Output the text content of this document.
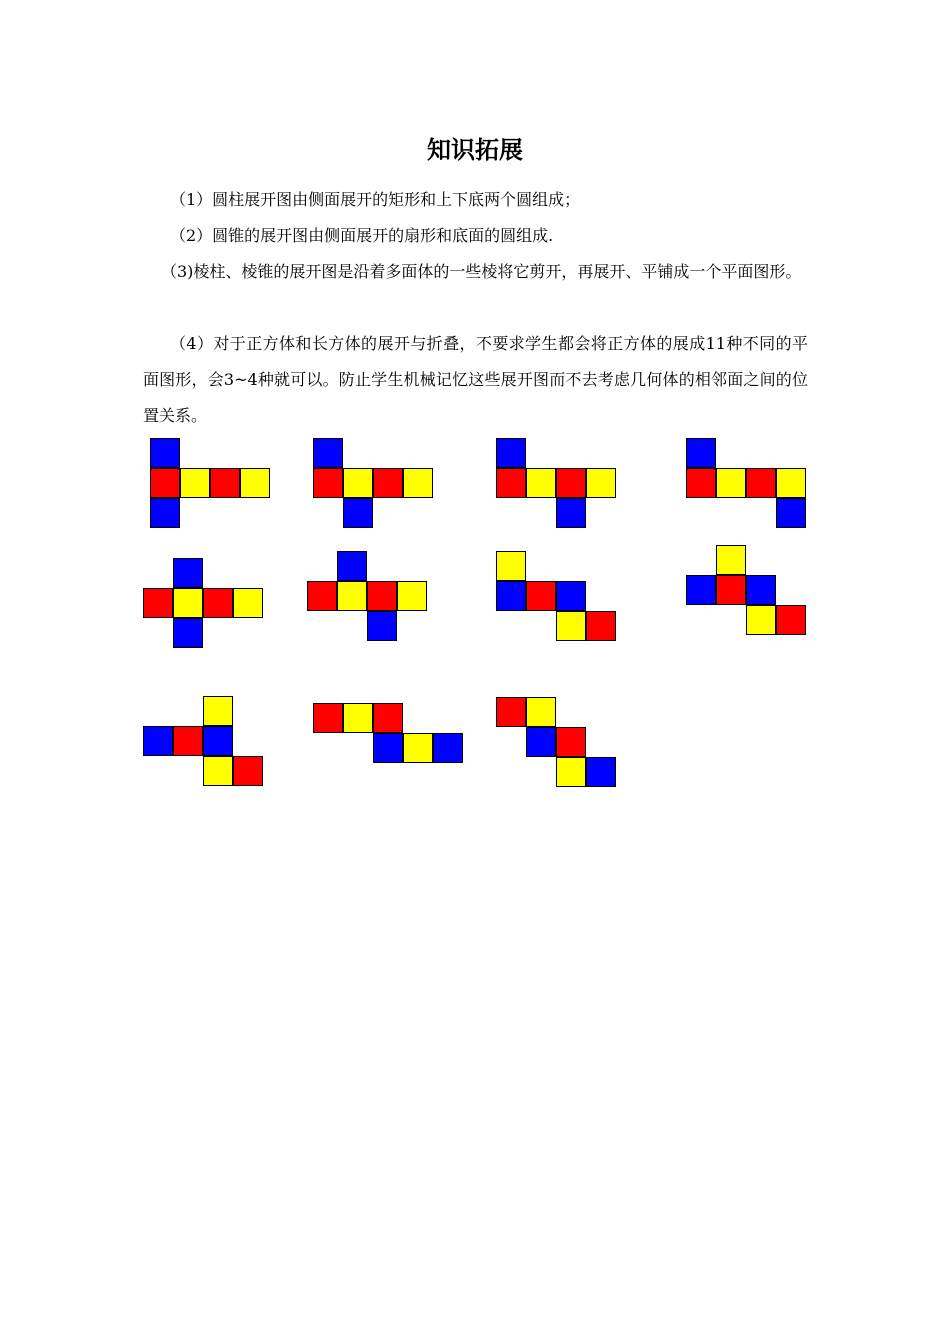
知识拓展

（1）圆柱展开图由侧面展开的矩形和上下底两个圆组成；

（2）圆锥的展开图由侧面展开的扇形和底面的圆组成.

（3)棱柱、棱锥的展开图是沿着多面体的一些棱将它剪开，再展开、平铺成一个平面图形。

（4）对于正方体和长方体的展开与折叠，不要求学生都会将正方体的展成11种不同的平面图形，会3~4种就可以。防止学生机械记忆这些展开图而不去考虑几何体的相邻面之间的位置关系。
